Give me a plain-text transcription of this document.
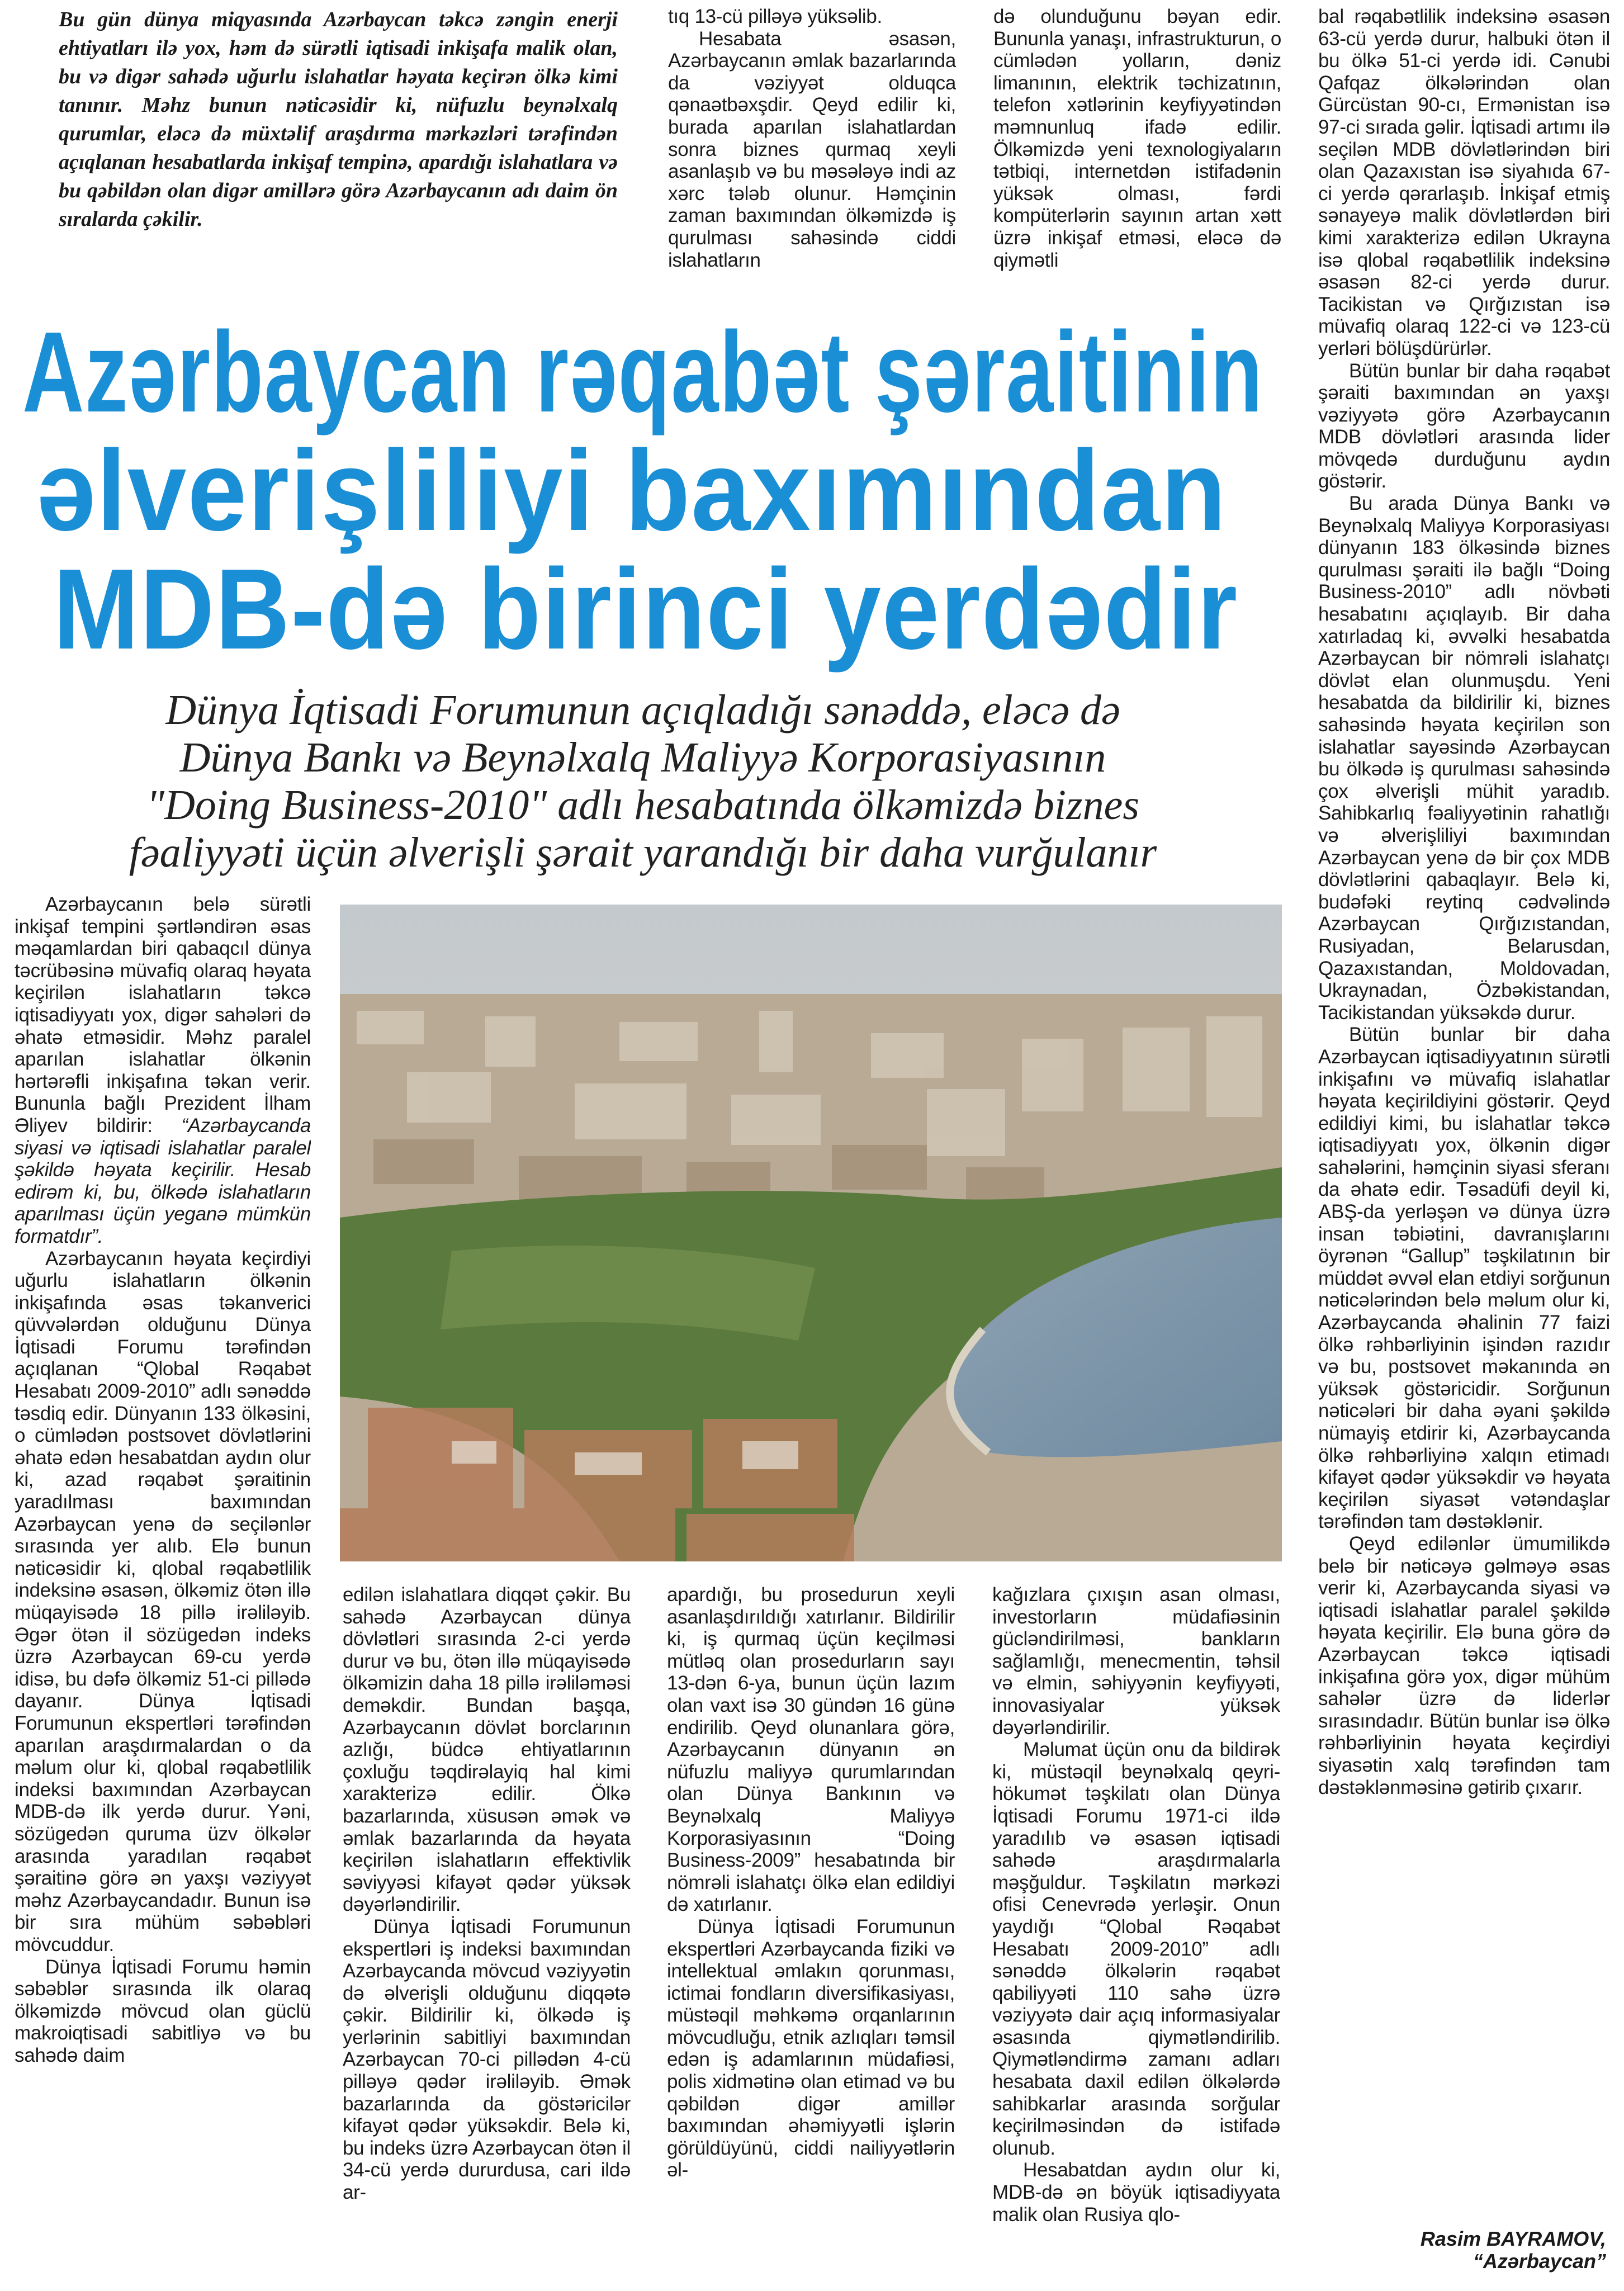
Bu gün dünya miqyasında Azərbaycan təkcə zəngin enerji ehtiyatları ilə yox, həm də sürətli iqtisadi inkişafa malik olan, bu və digər sahədə uğurlu islahatlar həyata keçirən ölkə kimi tanınır. Məhz bunun nəticəsidir ki, nüfuzlu beynəlxalq qurumlar, eləcə də müxtəlif araşdırma mərkəzləri tərəfindən açıqlanan hesabatlarda inkişaf tempinə, apardığı islahatlara və bu qəbildən olan digər amillərə görə Azərbaycanın adı daim ön sıralarda çəkilir.

tıq 13-cü pilləyə yüksəlib.

Hesabata əsasən, Azərbaycanın əmlak bazarlarında da vəziyyət olduqca qənaətbəxşdir. Qeyd edilir ki, burada aparılan islahatlardan sonra biznes qurmaq xeyli asanlaşıb və bu məsələyə indi az xərc tələb olunur. Həmçinin zaman baxımından ölkəmizdə iş qurulması sahəsində ciddi islahatların

də olunduğunu bəyan edir. Bununla yanaşı, infrastrukturun, o cümlədən yolların, dəniz limanının, elektrik təchizatının, telefon xətlərinin keyfiyyətindən məmnunluq ifadə edilir. Ölkəmizdə yeni texnologiyaların tətbiqi, internetdən istifadənin yüksək olması, fərdi kompüterlərin sayının artan xətt üzrə inkişaf etməsi, eləcə də qiymətli

bal rəqabətlilik indeksinə əsasən 63-cü yerdə durur, halbuki ötən il bu ölkə 51-ci yerdə idi. Cənubi Qafqaz ölkələrindən olan Gürcüstan 90-cı, Ermənistan isə 97-ci sırada gəlir. İqtisadi artımı ilə seçilən MDB dövlətlərindən biri olan Qazaxıstan isə siyahıda 67-ci yerdə qərarlaşıb. İnkişaf etmiş sənayeyə malik dövlətlərdən biri kimi xarakterizə edilən Ukrayna isə qlobal rəqabətlilik indeksinə əsasən 82-ci yerdə durur. Tacikistan və Qırğızıstan isə müvafiq olaraq 122-ci və 123-cü yerləri bölüşdürürlər.

Bütün bunlar bir daha rəqabət şəraiti baxımından ən yaxşı vəziyyətə görə Azərbaycanın MDB dövlətləri arasında lider mövqedə durduğunu aydın göstərir.

Bu arada Dünya Bankı və Beynəlxalq Maliyyə Korporasiyası dünyanın 183 ölkəsində biznes qurulması şəraiti ilə bağlı “Doing Business-2010” adlı növbəti hesabatını açıqlayıb. Bir daha xatırladaq ki, əvvəlki hesabatda Azərbaycan bir nömrəli islahatçı dövlət elan olunmuşdu. Yeni hesabatda da bildirilir ki, biznes sahəsində həyata keçirilən son islahatlar sayəsində Azərbaycan bu ölkədə iş qurulması sahəsində çox əlverişli mühit yaradıb. Sahibkarlıq fəaliyyətinin rahatlığı və əlverişliliyi baxımından Azərbaycan yenə də bir çox MDB dövlətlərini qabaqlayır. Belə ki, budəfəki reytinq cədvəlində Azərbaycan Qırğızıstandan, Rusiyadan, Belarusdan, Qazaxıstandan, Moldovadan, Ukraynadan, Özbəkistandan, Tacikistandan yüksəkdə durur.

Bütün bunlar bir daha Azərbaycan iqtisadiyyatının sürətli inkişafını və müvafiq islahatlar həyata keçirildiyini göstərir. Qeyd edildiyi kimi, bu islahatlar təkcə iqtisadiyyatı yox, ölkənin digər sahələrini, həmçinin siyasi sferanı da əhatə edir. Təsadüfi deyil ki, ABŞ-da yerləşən və dünya üzrə insan təbiətini, davranışlarını öyrənən “Gallup” təşkilatının bir müddət əvvəl elan etdiyi sorğunun nəticələrindən belə məlum olur ki, Azərbaycanda əhalinin 77 faizi ölkə rəhbərliyinin işindən razıdır və bu, postsovet məkanında ən yüksək göstəricidir. Sorğunun nəticələri bir daha əyani şəkildə nümayiş etdirir ki, Azərbaycanda ölkə rəhbərliyinə xalqın etimadı kifayət qədər yüksəkdir və həyata keçirilən siyasət vətəndaşlar tərəfindən tam dəstəklənir.

Qeyd edilənlər ümumilikdə belə bir nəticəyə gəlməyə əsas verir ki, Azərbaycanda siyasi və iqtisadi islahatlar paralel şəkildə həyata keçirilir. Elə buna görə də Azərbaycan təkcə iqtisadi inkişafına görə yox, digər mühüm sahələr üzrə də liderlər sırasındadır. Bütün bunlar isə ölkə rəhbərliyinin həyata keçirdiyi siyasətin xalq tərəfindən tam dəstəklənməsinə gətirib çıxarır.

Azərbaycan rəqabət şəraitinin
əlverişliliyi baxımından
MDB-də birinci yerdədir
Dünya İqtisadi Forumunun açıqladığı sənəddə, eləcə də
Dünya Bankı və Beynəlxalq Maliyyə Korporasiyasının
"Doing Business-2010" adlı hesabatında ölkəmizdə biznes
fəaliyyəti üçün əlverişli şərait yarandığı bir daha vurğulanır

Azərbaycanın belə sürətli inkişaf tempini şərtləndirən əsas məqamlardan biri qabaqcıl dünya təcrübəsinə müvafiq olaraq həyata keçirilən islahatların təkcə iqtisadiyyatı yox, digər sahələri də əhatə etməsidir. Məhz paralel aparılan islahatlar ölkənin hərtərəfli inkişafına təkan verir. Bununla bağlı Prezident İlham Əliyev bildirir: “Azərbaycanda siyasi və iqtisadi islahatlar paralel şəkildə həyata keçirilir. Hesab edirəm ki, bu, ölkədə islahatların aparılması üçün yeganə mümkün formatdır”.

Azərbaycanın həyata keçirdiyi uğurlu islahatların ölkənin inkişafında əsas təkanverici qüvvələrdən olduğunu Dünya İqtisadi Forumu tərəfindən açıqlanan “Qlobal Rəqabət Hesabatı 2009-2010” adlı sənəddə təsdiq edir. Dünyanın 133 ölkəsini, o cümlədən postsovet dövlətlərini əhatə edən hesabatdan aydın olur ki, azad rəqabət şəraitinin yaradılması baxımından Azərbaycan yenə də seçilənlər sırasında yer alıb. Elə bunun nəticəsidir ki, qlobal rəqabətlilik indeksinə əsasən, ölkəmiz ötən illə müqayisədə 18 pillə irəliləyib. Əgər ötən il sözügedən indeks üzrə Azərbaycan 69-cu yerdə idisə, bu dəfə ölkəmiz 51-ci pillədə dayanır. Dünya İqtisadi Forumunun ekspertləri tərəfindən aparılan araşdırmalardan o da məlum olur ki, qlobal rəqabətlilik indeksi baxımından Azərbaycan MDB-də ilk yerdə durur. Yəni, sözügedən quruma üzv ölkələr arasında yaradılan rəqabət şəraitinə görə ən yaxşı vəziyyət məhz Azərbaycandadır. Bunun isə bir sıra mühüm səbəbləri mövcuddur.

Dünya İqtisadi Forumu həmin səbəblər sırasında ilk olaraq ölkəmizdə mövcud olan güclü makroiqtisadi sabitliyə və bu sahədə daim

edilən islahatlara diqqət çəkir. Bu sahədə Azərbaycan dünya dövlətləri sırasında 2-ci yerdə durur və bu, ötən illə müqayisədə ölkəmizin daha 18 pillə irəliləməsi deməkdir. Bundan başqa, Azərbaycanın dövlət borclarının azlığı, büdcə ehtiyatlarının çoxluğu təqdirəlayiq hal kimi xarakterizə edilir. Ölkə bazarlarında, xüsusən əmək və əmlak bazarlarında da həyata keçirilən islahatların effektivlik səviyyəsi kifayət qədər yüksək dəyərləndirilir.

Dünya İqtisadi Forumunun ekspertləri iş indeksi baxımından Azərbaycanda mövcud vəziyyətin də əlverişli olduğunu diqqətə çəkir. Bildirilir ki, ölkədə iş yerlərinin sabitliyi baxımından Azərbaycan 70-ci pillədən 4-cü pilləyə qədər irəliləyib. Əmək bazarlarında da göstəricilər kifayət qədər yüksəkdir. Belə ki, bu indeks üzrə Azərbaycan ötən il 34-cü yerdə dururdusa, cari ildə ar-

apardığı, bu prosedurun xeyli asanlaşdırıldığı xatırlanır. Bildirilir ki, iş qurmaq üçün keçilməsi mütləq olan prosedurların sayı 13-dən 6-ya, bunun üçün lazım olan vaxt isə 30 gündən 16 günə endirilib. Qeyd olunanlara görə, Azərbaycanın dünyanın ən nüfuzlu maliyyə qurumlarından olan Dünya Bankının və Beynəlxalq Maliyyə Korporasiyasının “Doing Business-2009” hesabatında bir nömrəli islahatçı ölkə elan edildiyi də xatırlanır.

Dünya İqtisadi Forumunun ekspertləri Azərbaycanda fiziki və intellektual əmlakın qorunması, ictimai fondların diversifikasiyası, müstəqil məhkəmə orqanlarının mövcudluğu, etnik azlıqları təmsil edən iş adamlarının müdafiəsi, polis xidmətinə olan etimad və bu qəbildən digər amillər baxımından əhəmiyyətli işlərin görüldüyünü, ciddi nailiyyətlərin əl-

kağızlara çıxışın asan olması, investorların müdafiəsinin gücləndirilməsi, bankların sağlamlığı, menecmentin, təhsil və elmin, səhiyyənin keyfiyyəti, innovasiyalar yüksək dəyərləndirilir.

Məlumat üçün onu da bildirək ki, müstəqil beynəlxalq qeyri-hökumət təşkilatı olan Dünya İqtisadi Forumu 1971-ci ildə yaradılıb və əsasən iqtisadi sahədə araşdırmalarla məşğuldur. Təşkilatın mərkəzi ofisi Cenevrədə yerləşir. Onun yaydığı “Qlobal Rəqabət Hesabatı 2009-2010” adlı sənəddə ölkələrin rəqabət qabiliyyəti 110 sahə üzrə vəziyyətə dair açıq informasiyalar əsasında qiymətləndirilib. Qiymətləndirmə zamanı adları hesabata daxil edilən ölkələrdə sahibkarlar arasında sorğular keçirilməsindən də istifadə olunub.

Hesabatdan aydın olur ki, MDB-də ən böyük iqtisadiyyata malik olan Rusiya qlo-

Rasim BAYRAMOV,
“Azərbaycan”
